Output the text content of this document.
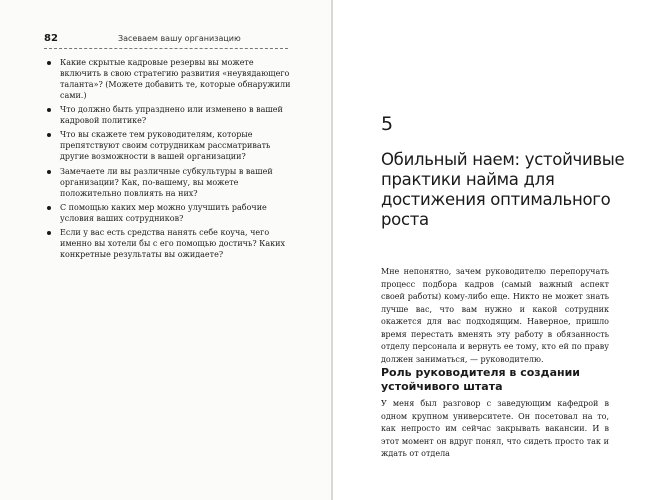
82	Засеваем вашу организацию
Какие скрытые кадровые резервы вы можете включить в свою стратегию развития «неувядающего таланта»? (Можете добавить те, которые обнаружили сами.)
Что должно быть упразднено или изменено в вашей кадровой политике?
Что вы скажете тем руководителям, которые препятствуют своим сотрудникам рассматривать другие возможности в вашей организации?
Замечаете ли вы различные субкультуры в вашей организации? Как, по-вашему, вы можете положительно повлиять на них?
С помощью каких мер можно улучшить рабочие условия ваших сотрудников?
Если у вас есть средства нанять себе коуча, чего именно вы хотели бы с его помощью достичь? Каких конкретные результаты вы ожидаете?
5
Обильный наем: устойчивые практики найма для достижения оптимального роста

Мне непонятно, зачем руководителю перепоручать процесс подбора кадров (самый важный аспект своей работы) кому-либо еще. Никто не может знать лучше вас, что вам нужно и какой сотрудник окажется для вас подходящим. Наверное, пришло время перестать вменять эту работу в обязанность отделу персонала и вернуть ее тому, кто ей по праву должен заниматься, — руководителю.

Роль руководителя в создании устойчивого штата

У меня был разговор с заведующим кафедрой в одном крупном университете. Он посетовал на то, как непросто им сейчас закрывать вакансии. И в этот момент он вдруг понял, что сидеть просто так и ждать от отдела
